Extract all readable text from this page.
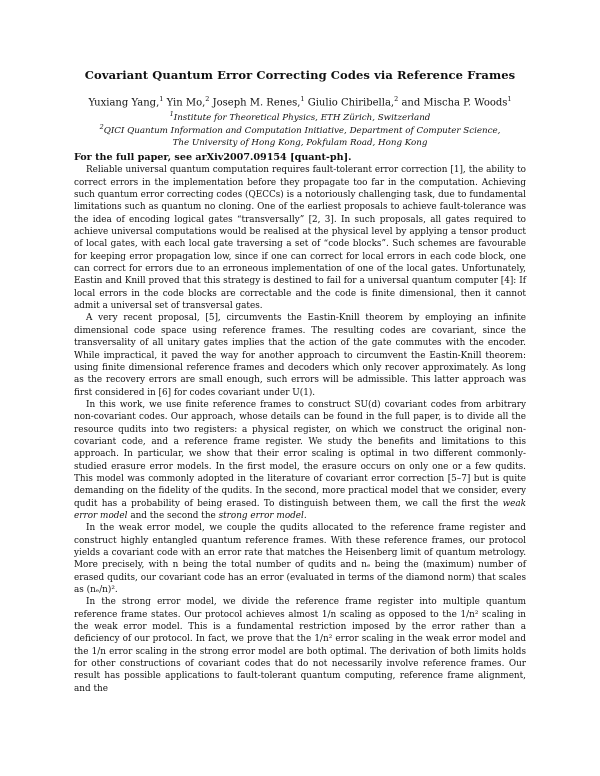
Covariant Quantum Error Correcting Codes via Reference Frames
Yuxiang Yang,$^1$ Yin Mo,$^2$ Joseph M. Renes,$^1$ Giulio Chiribella,$^2$ and Mischa P. Woods$^1$
$^1$Institute for Theoretical Physics, ETH Zürich, Switzerland
$^2$QICI Quantum Information and Computation Initiative, Department of Computer Science,
The University of Hong Kong, Pokfulam Road, Hong Kong
For the full paper, see arXiv2007.09154 [quant-ph].

Reliable universal quantum computation requires fault-tolerant error correction [1], the ability to correct errors in the implementation before they propagate too far in the computation. Achieving such quantum error correcting codes (QECCs) is a notoriously challenging task, due to fundamental limitations such as quantum no cloning. One of the earliest proposals to achieve fault-tolerance was the idea of encoding logical gates “transversally” [2, 3]. In such proposals, all gates required to achieve universal computations would be realised at the physical level by applying a tensor product of local gates, with each local gate traversing a set of “code blocks”. Such schemes are favourable for keeping error propagation low, since if one can correct for local errors in each code block, one can correct for errors due to an erroneous implementation of one of the local gates. Unfortunately, Eastin and Knill proved that this strategy is destined to fail for a universal quantum computer [4]: If local errors in the code blocks are correctable and the code is finite dimensional, then it cannot admit a universal set of transversal gates.

A very recent proposal, [5], circumvents the Eastin-Knill theorem by employing an infinite dimensional code space using reference frames. The resulting codes are covariant, since the transversality of all unitary gates implies that the action of the gate commutes with the encoder. While impractical, it paved the way for another approach to circumvent the Eastin-Knill theorem: using finite dimensional reference frames and decoders which only recover approximately. As long as the recovery errors are small enough, such errors will be admissible. This latter approach was first considered in [6] for codes covariant under U(1).

In this work, we use finite reference frames to construct SU(d) covariant codes from arbitrary non-covariant codes. Our approach, whose details can be found in the full paper, is to divide all the resource qudits into two registers: a physical register, on which we construct the original non-covariant code, and a reference frame register. We study the benefits and limitations to this approach. In particular, we show that their error scaling is optimal in two different commonly-studied erasure error models. In the first model, the erasure occurs on only one or a few qudits. This model was commonly adopted in the literature of covariant error correction [5–7] but is quite demanding on the fidelity of the qudits. In the second, more practical model that we consider, every qudit has a probability of being erased. To distinguish between them, we call the first the weak error model and the second the strong error model.

In the weak error model, we couple the qudits allocated to the reference frame register and construct highly entangled quantum reference frames. With these reference frames, our protocol yields a covariant code with an error rate that matches the Heisenberg limit of quantum metrology. More precisely, with n being the total number of qudits and nₑ being the (maximum) number of erased qudits, our covariant code has an error (evaluated in terms of the diamond norm) that scales as (nₑ/n)².

In the strong error model, we divide the reference frame register into multiple quantum reference frame states. Our protocol achieves almost 1/n scaling as opposed to the 1/n² scaling in the weak error model. This is a fundamental restriction imposed by the error rather than a deficiency of our protocol. In fact, we prove that the 1/n² error scaling in the weak error model and the 1/n error scaling in the strong error model are both optimal. The derivation of both limits holds for other constructions of covariant codes that do not necessarily involve reference frames. Our result has possible applications to fault-tolerant quantum computing, reference frame alignment, and the
